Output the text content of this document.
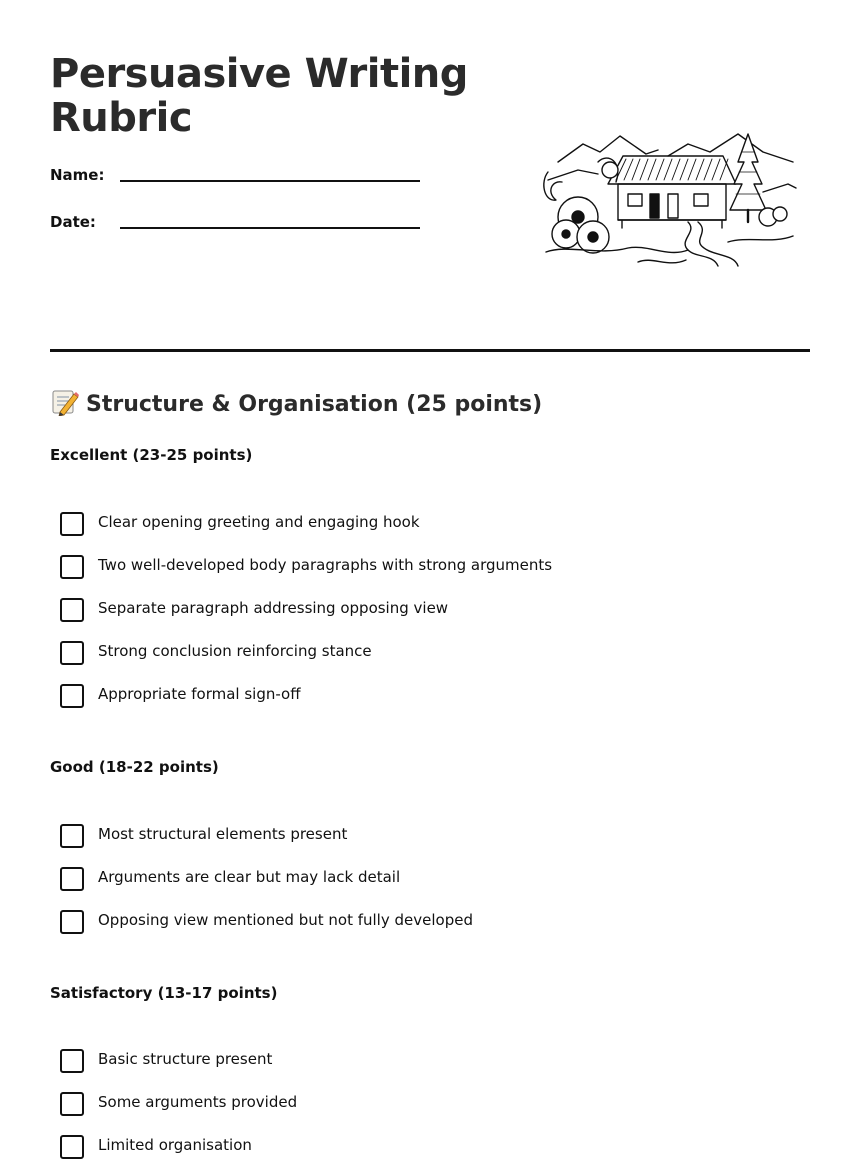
Persuasive Writing Rubric
Name:
Date:
Structure & Organisation (25 points)
Excellent (23-25 points)
Clear opening greeting and engaging hook
Two well-developed body paragraphs with strong arguments
Separate paragraph addressing opposing view
Strong conclusion reinforcing stance
Appropriate formal sign-off
Good (18-22 points)
Most structural elements present
Arguments are clear but may lack detail
Opposing view mentioned but not fully developed
Satisfactory (13-17 points)
Basic structure present
Some arguments provided
Limited organisation
